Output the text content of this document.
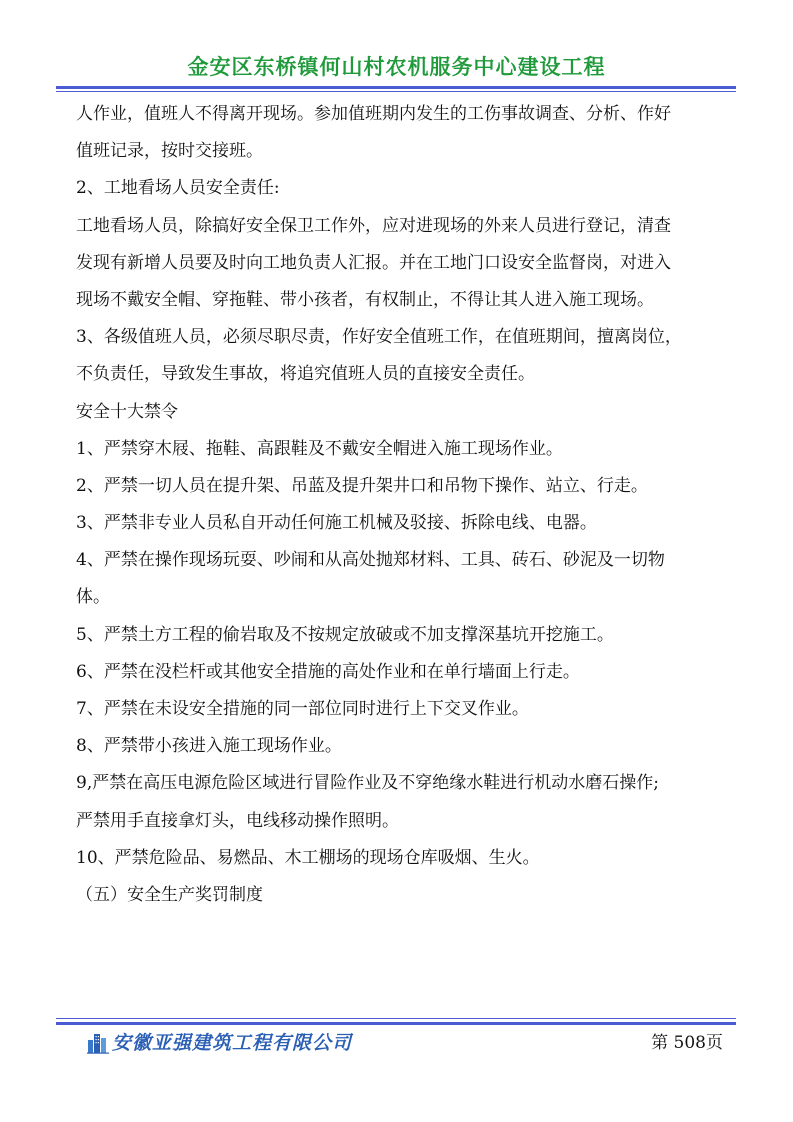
金安区东桥镇何山村农机服务中心建设工程
人作业，值班人不得离开现场。参加值班期内发生的工伤事故调查、分析、作好
值班记录，按时交接班。
2、工地看场人员安全责任:
工地看场人员，除搞好安全保卫工作外，应对进现场的外来人员进行登记，清查
发现有新增人员要及时向工地负责人汇报。并在工地门口设安全监督岗，对进入
现场不戴安全帽、穿拖鞋、带小孩者，有权制止，不得让其人进入施工现场。
3、各级值班人员，必须尽职尽责，作好安全值班工作，在值班期间，擅离岗位，
不负责任，导致发生事故，将追究值班人员的直接安全责任。
安全十大禁令
1、严禁穿木屐、拖鞋、高跟鞋及不戴安全帽进入施工现场作业。
2、严禁一切人员在提升架、吊蓝及提升架井口和吊物下操作、站立、行走。
3、严禁非专业人员私自开动任何施工机械及驳接、拆除电线、电器。
4、严禁在操作现场玩耍、吵闹和从高处抛郑材料、工具、砖石、砂泥及一切物
体。
5、严禁土方工程的偷岩取及不按规定放破或不加支撑深基坑开挖施工。
6、严禁在没栏杆或其他安全措施的高处作业和在单行墙面上行走。
7、严禁在未设安全措施的同一部位同时进行上下交叉作业。
8、严禁带小孩进入施工现场作业。
9,严禁在高压电源危险区域进行冒险作业及不穿绝缘水鞋进行机动水磨石操作;
严禁用手直接拿灯头，电线移动操作照明。
10、严禁危险品、易燃品、木工棚场的现场仓库吸烟、生火。
（五）安全生产奖罚制度
安徽亚强建筑工程有限公司	第 508页
